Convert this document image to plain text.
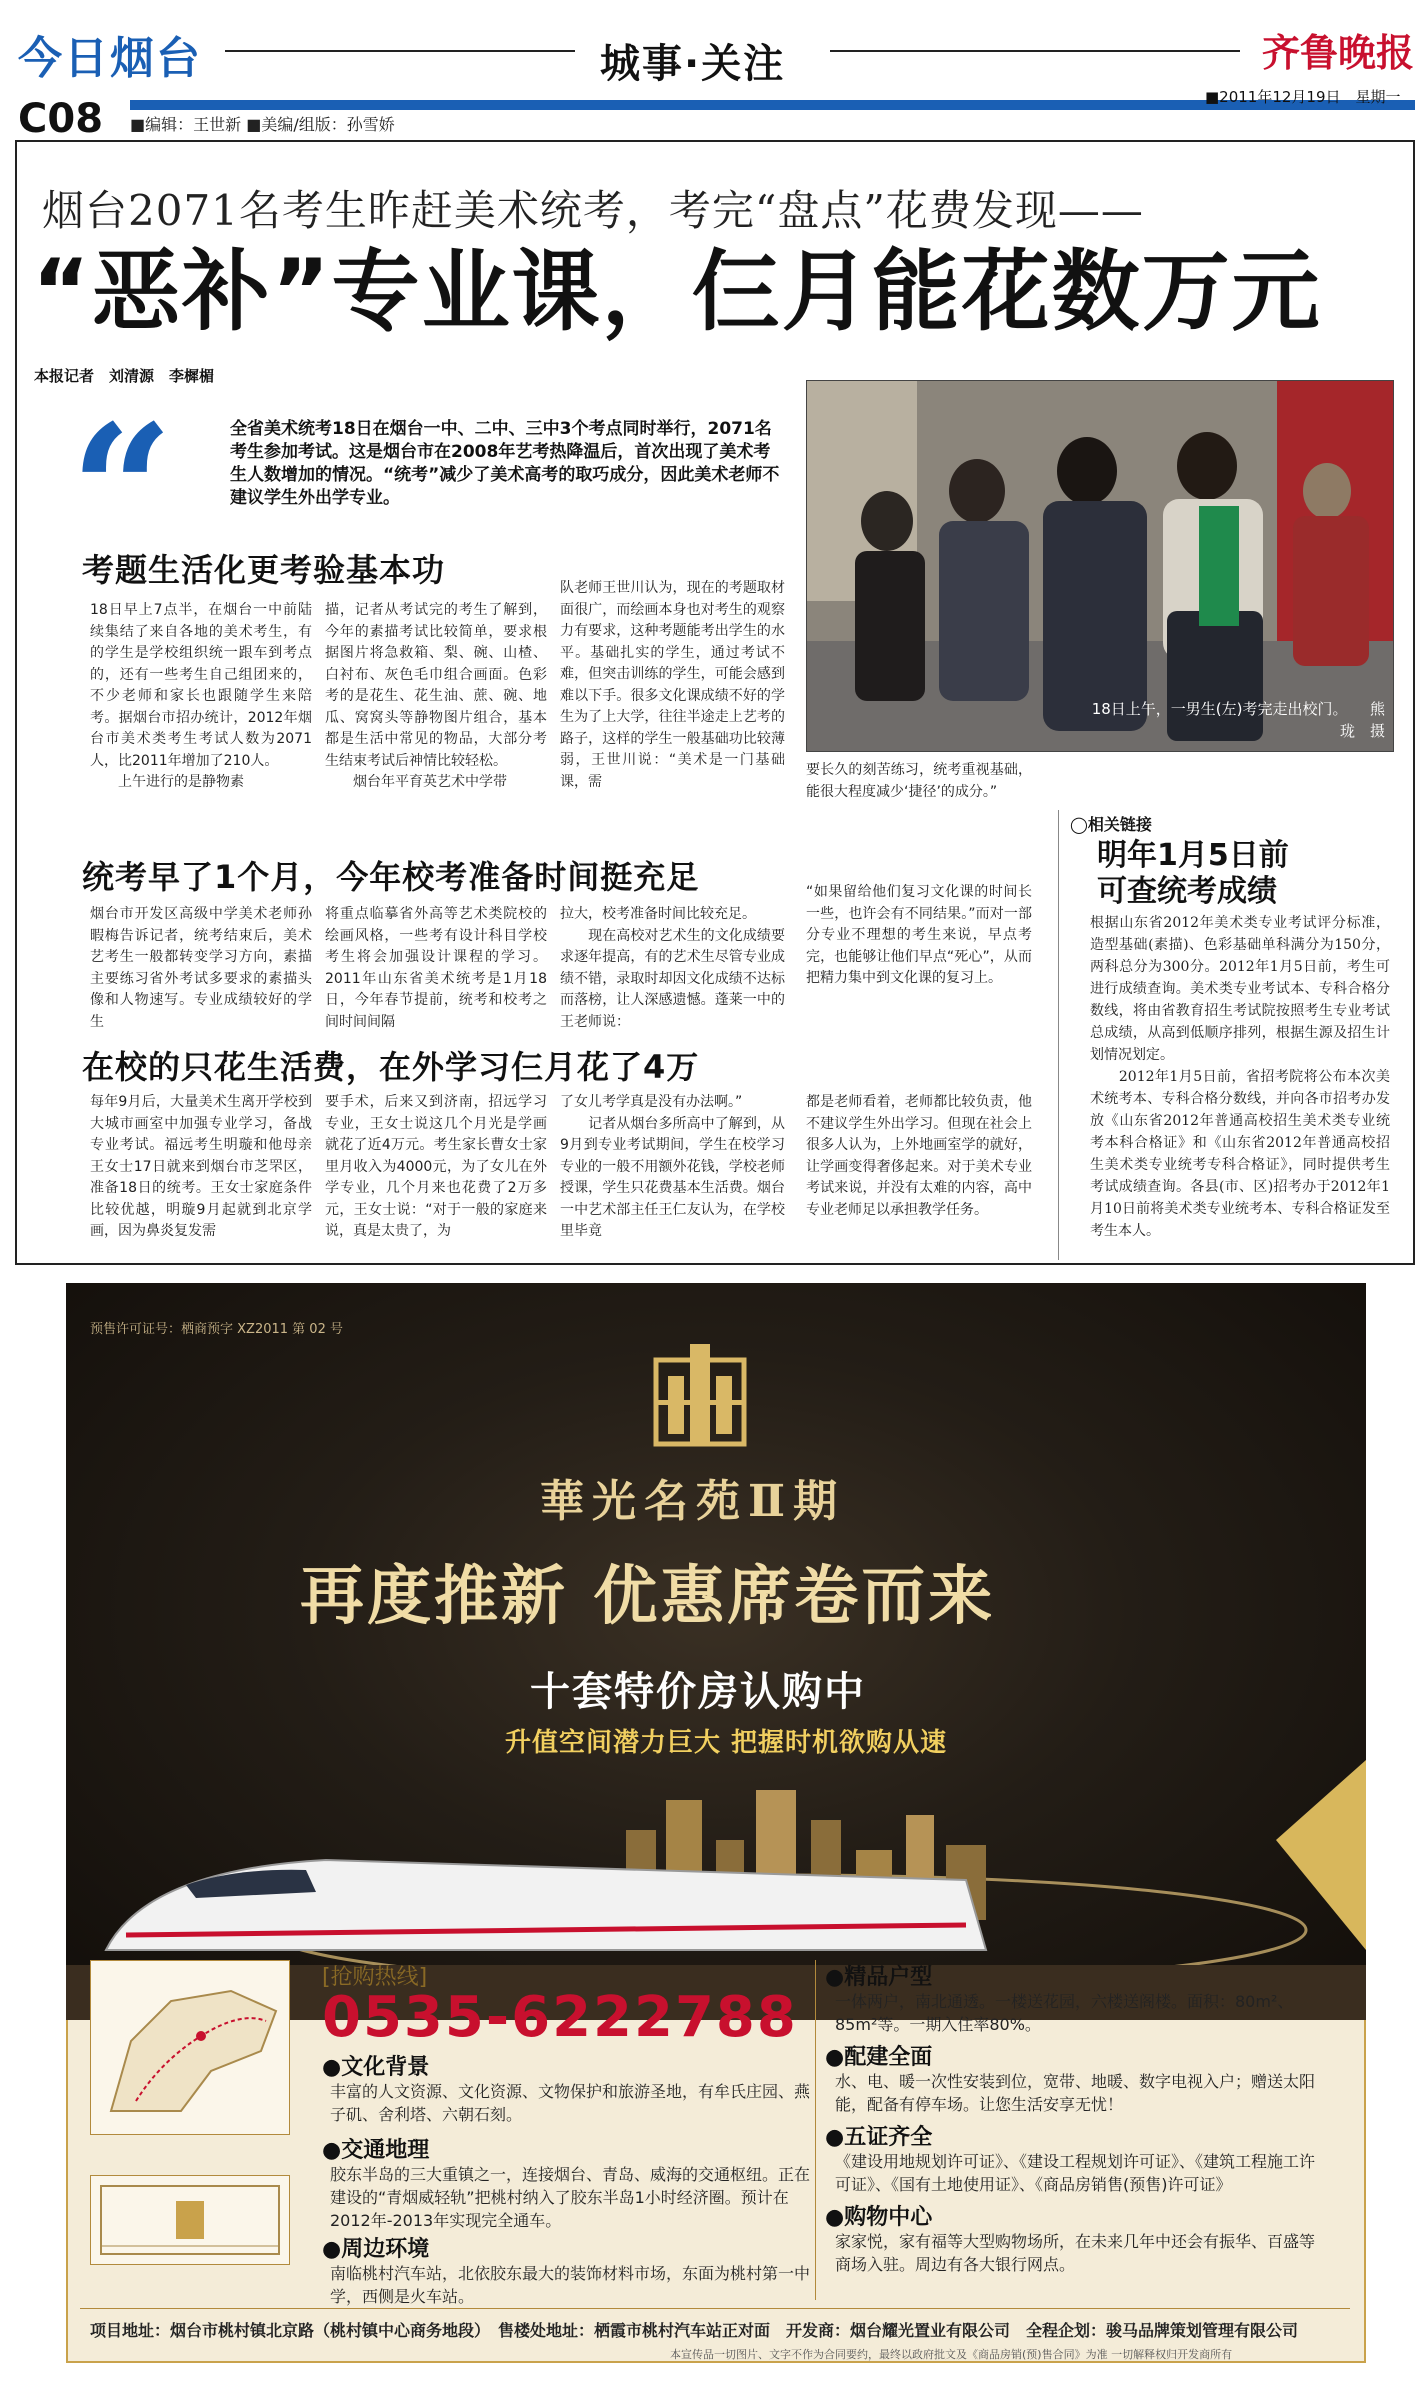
今日烟台	城事·关注	齐鲁晚报
C08 ■编辑：王世新 ■美编/组版：孙雪娇
■2011年12月19日　星期一
烟台2071名考生昨赶美术统考，考完“盘点”花费发现——
“恶补”专业课，仨月能花数万元
本报记者　刘清源　李樨楣
“	全省美术统考18日在烟台一中、二中、三中3个考点同时举行，2071名考生参加考试。这是烟台市在2008年艺考热降温后，首次出现了美术考生人数增加的情况。“统考”减少了美术高考的取巧成分，因此美术老师不建议学生外出学专业。
18日上午，一男生(左)考完走出校门。　　熊珑　摄
考题生活化更考验基本功
18日早上7点半，在烟台一中前陆续集结了来自各地的美术考生，有的学生是学校组织统一跟车到考点的，还有一些考生自己组团来的，不少老师和家长也跟随学生来陪考。据烟台市招办统计，2012年烟台市美术类考生考试人数为2071人，比2011年增加了210人。
　　上午进行的是静物素
描，记者从考试完的考生了解到，今年的素描考试比较简单，要求根据图片将急救箱、梨、碗、山楂、白衬布、灰色毛巾组合画面。色彩考的是花生、花生油、蔗、碗、地瓜、窝窝头等静物图片组合，基本都是生活中常见的物品，大部分考生结束考试后神情比较轻松。
　　烟台年平育英艺术中学带
队老师王世川认为，现在的考题取材面很广，而绘画本身也对考生的观察力有要求，这种考题能考出学生的水平。基础扎实的学生，通过考试不难，但突击训练的学生，可能会感到难以下手。很多文化课成绩不好的学生为了上大学，往往半途走上艺考的路子，这样的学生一般基础功比较薄弱，王世川说：“美术是一门基础课，需
要长久的刻苦练习，统考重视基础，能很大程度减少‘捷径’的成分。”
统考早了1个月，今年校考准备时间挺充足
烟台市开发区高级中学美术老师孙暇梅告诉记者，统考结束后，美术艺考生一般都转变学习方向，素描主要练习省外考试多要求的素描头像和人物速写。专业成绩较好的学生
将重点临摹省外高等艺术类院校的绘画风格，一些考有设计科目学校考生将会加强设计课程的学习。2011年山东省美术统考是1月18日，今年春节提前，统考和校考之间时间间隔
拉大，校考准备时间比较充足。
　　现在高校对艺术生的文化成绩要求逐年提高，有的艺术生尽管专业成绩不错，录取时却因文化成绩不达标而落榜，让人深感遗憾。蓬莱一中的王老师说：
“如果留给他们复习文化课的时间长一些，也许会有不同结果。”而对一部分专业不理想的考生来说，早点考完，也能够让他们早点“死心”，从而把精力集中到文化课的复习上。
在校的只花生活费，在外学习仨月花了4万
每年9月后，大量美术生离开学校到大城市画室中加强专业学习，备战专业考试。福远考生明璇和他母亲王女士17日就来到烟台市芝罘区，准备18日的统考。王女士家庭条件比较优越，明璇9月起就到北京学画，因为鼻炎复发需
要手术，后来又到济南，招远学习专业，王女士说这几个月光是学画就花了近4万元。考生家长曹女士家里月收入为4000元，为了女儿在外学专业，几个月来也花费了2万多元，王女士说：“对于一般的家庭来说，真是太贵了，为
了女儿考学真是没有办法啊。”
　　记者从烟台多所高中了解到，从9月到专业考试期间，学生在校学习专业的一般不用额外花钱，学校老师授课，学生只花费基本生活费。烟台一中艺术部主任王仁友认为，在学校里毕竟
都是老师看着，老师都比较负责，他不建议学生外出学习。但现在社会上很多人认为，上外地画室学的就好，让学画变得奢侈起来。对于美术专业考试来说，并没有太难的内容，高中专业老师足以承担教学任务。
◯相关链接
明年1月5日前
可查统考成绩
根据山东省2012年美术类专业考试评分标准，造型基础(素描)、色彩基础单科满分为150分，两科总分为300分。2012年1月5日前，考生可进行成绩查询。美术类专业考试本、专科合格分数线，将由省教育招生考试院按照考生专业考试总成绩，从高到低顺序排列，根据生源及招生计划情况划定。
　　2012年1月5日前，省招考院将公布本次美术统考本、专科合格分数线，并向各市招考办发放《山东省2012年普通高校招生美术类专业统考本科合格证》和《山东省2012年普通高校招生美术类专业统考专科合格证》，同时提供考生考试成绩查询。各县(市、区)招考办于2012年1月10日前将美术类专业统考本、专科合格证发至考生本人。
预售许可证号：栖商预字 XZ2011 第 02 号
華光名苑Ⅱ期
再度推新 优惠席卷而来
十套特价房认购中
升值空间潜力巨大 把握时机欲购从速
[抢购热线]
0535-6222788
●文化背景
丰富的人文资源、文化资源、文物保护和旅游圣地，有牟氏庄园、燕子矶、舍利塔、六朝石刻。
●交通地理
胶东半岛的三大重镇之一，连接烟台、青岛、威海的交通枢纽。正在建设的“青烟威轻轨”把桃村纳入了胶东半岛1小时经济圈。预计在2012年-2013年实现完全通车。
●周边环境
南临桃村汽车站，北依胶东最大的装饰材料市场，东面为桃村第一中学，西侧是火车站。
●精品户型
一体两户，南北通透。一楼送花园，六楼送阁楼。面积：80m²、85m²等。一期入住率80%。
●配建全面
水、电、暖一次性安装到位，宽带、地暖、数字电视入户；赠送太阳能，配备有停车场。让您生活安享无忧！
●五证齐全
《建设用地规划许可证》、《建设工程规划许可证》、《建筑工程施工许可证》、《国有土地使用证》、《商品房销售(预售)许可证》
●购物中心
家家悦，家有福等大型购物场所，在未来几年中还会有振华、百盛等商场入驻。周边有各大银行网点。
项目地址：烟台市桃村镇北京路（桃村镇中心商务地段）　售楼处地址：栖霞市桃村汽车站正对面　开发商：烟台耀光置业有限公司　全程企划：骏马品牌策划管理有限公司
本宣传品一切图片、文字不作为合同要约，最终以政府批文及《商品房销(预)售合同》为准 一切解释权归开发商所有
